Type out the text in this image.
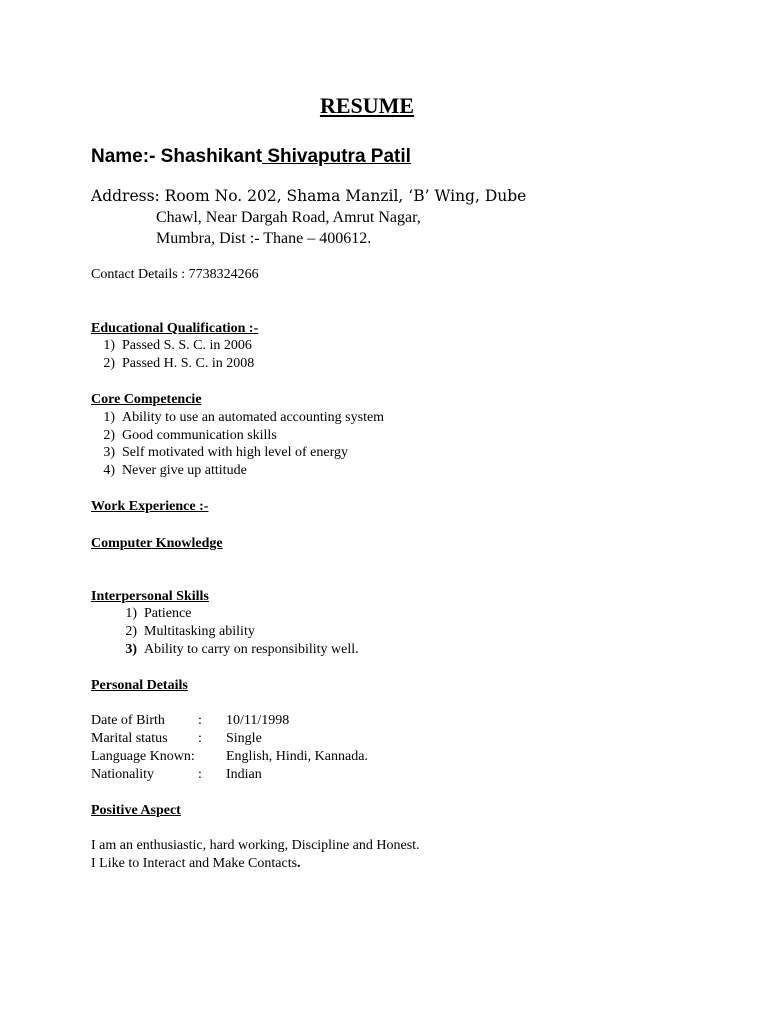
RESUME
Name:- Shashikant Shivaputra Patil
Address: Room No. 202, Shama Manzil, ‘B’ Wing, Dube
Chawl, Near Dargah Road, Amrut Nagar,
Mumbra, Dist :- Thane – 400612.
Contact Details : 7738324266
Educational Qualification :-
1) Passed S. S. C. in 2006
2) Passed H. S. C. in 2008
Core Competencie
1) Ability to use an automated accounting system
2) Good communication skills
3) Self motivated with high level of energy
4) Never give up attitude
Work Experience :-
Computer Knowledge
Interpersonal Skills
1) Patience
2) Multitasking ability
3) Ability to carry on responsibility well.
Personal Details
Date of Birth : 10/11/1998
Marital status : Single
Language Known: English, Hindi, Kannada.
Nationality	: Indian
Positive Aspect
I am an enthusiastic, hard working, Discipline and Honest.
I Like to Interact and Make Contacts.
